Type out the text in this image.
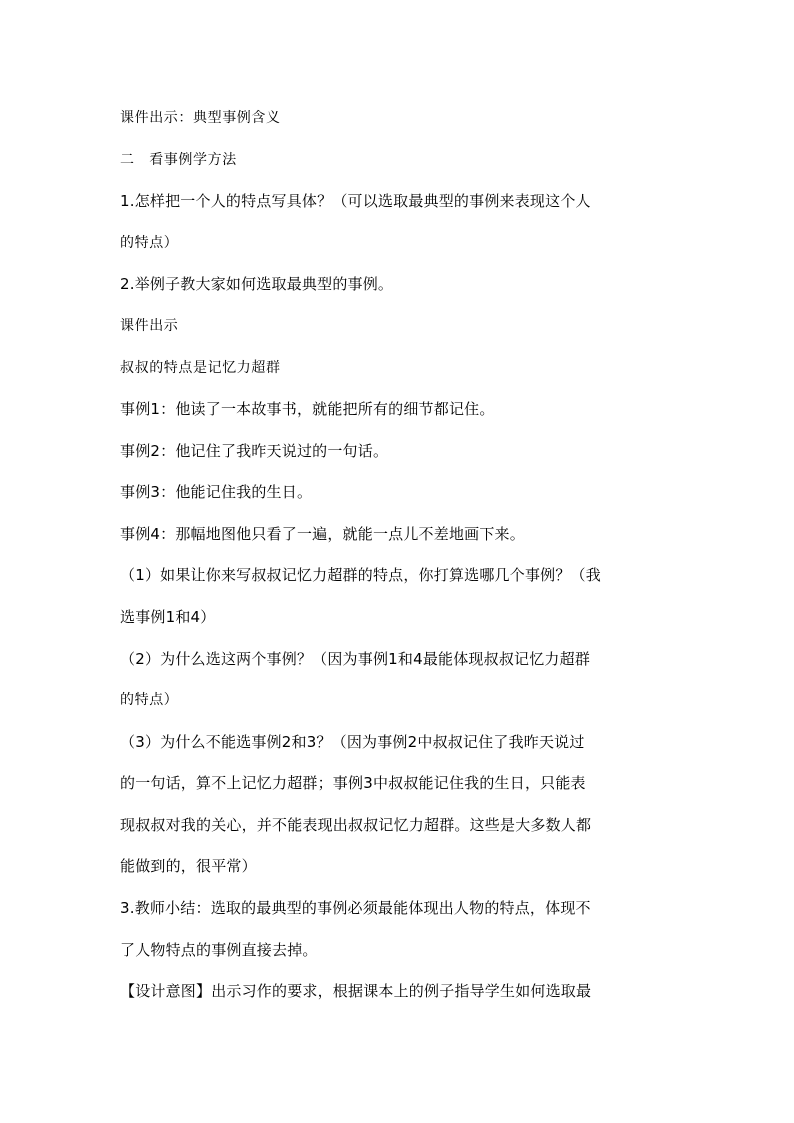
课件出示：典型事例含义
二　看事例学方法
1.怎样把一个人的特点写具体？（可以选取最典型的事例来表现这个人
的特点）
2.举例子教大家如何选取最典型的事例。
课件出示
叔叔的特点是记忆力超群
事例1：他读了一本故事书，就能把所有的细节都记住。
事例2：他记住了我昨天说过的一句话。
事例3：他能记住我的生日。
事例4：那幅地图他只看了一遍，就能一点儿不差地画下来。
（1）如果让你来写叔叔记忆力超群的特点，你打算选哪几个事例？（我
选事例1和4）
（2）为什么选这两个事例？（因为事例1和4最能体现叔叔记忆力超群
的特点）
（3）为什么不能选事例2和3？（因为事例2中叔叔记住了我昨天说过
的一句话，算不上记忆力超群；事例3中叔叔能记住我的生日，只能表
现叔叔对我的关心，并不能表现出叔叔记忆力超群。这些是大多数人都
能做到的，很平常）
3.教师小结：选取的最典型的事例必须最能体现出人物的特点，体现不
了人物特点的事例直接去掉。
【设计意图】出示习作的要求，根据课本上的例子指导学生如何选取最
